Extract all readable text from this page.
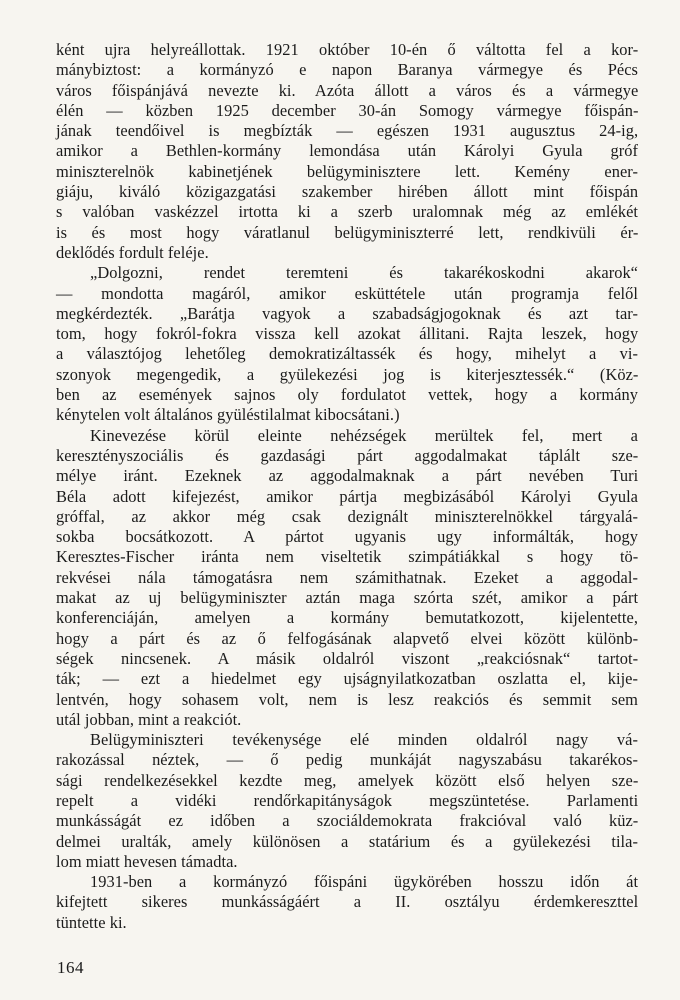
ként ujra helyreállottak. 1921 október 10-én ő váltotta fel a kor-
mánybiztost: a kormányzó e napon Baranya vármegye és Pécs
város főispánjává nevezte ki. Azóta állott a város és a vármegye
élén — közben 1925 december 30-án Somogy vármegye főispán-
jának teendőivel is megbízták — egészen 1931 augusztus 24-ig,
amikor a Bethlen-kormány lemondása után Károlyi Gyula gróf
miniszterelnök kabinetjének belügyminisztere lett. Kemény ener-
giáju, kiváló közigazgatási szakember hirében állott mint főispán
s valóban vaskézzel irtotta ki a szerb uralomnak még az emlékét
is és most hogy váratlanul belügyminiszterré lett, rendkivüli ér-
deklődés fordult feléje.

„Dolgozni, rendet teremteni és takarékoskodni akarok“
— mondotta magáról, amikor esküttétele után programja felől
megkérdezték. „Barátja vagyok a szabadságjogoknak és azt tar-
tom, hogy fokról-fokra vissza kell azokat állitani. Rajta leszek, hogy
a választójog lehetőleg demokratizáltassék és hogy, mihelyt a vi-
szonyok megengedik, a gyülekezési jog is kiterjesztessék.“ (Köz-
ben az események sajnos oly fordulatot vettek, hogy a kormány
kénytelen volt általános gyüléstilalmat kibocsátani.)

Kinevezése körül eleinte nehézségek merültek fel, mert a
keresztényszociális és gazdasági párt aggodalmakat táplált sze-
mélye iránt. Ezeknek az aggodalmaknak a párt nevében Turi
Béla adott kifejezést, amikor pártja megbizásából Károlyi Gyula
gróffal, az akkor még csak dezignált miniszterelnökkel tárgyalá-
sokba bocsátkozott. A pártot ugyanis ugy informálták, hogy
Keresztes-Fischer iránta nem viseltetik szimpátiákkal s hogy tö-
rekvései nála támogatásra nem számithatnak. Ezeket a aggodal-
makat az uj belügyminiszter aztán maga szórta szét, amikor a párt
konferenciáján, amelyen a kormány bemutatkozott, kijelentette,
hogy a párt és az ő felfogásának alapvető elvei között különb-
ségek nincsenek. A másik oldalról viszont „reakciósnak“ tartot-
ták; — ezt a hiedelmet egy ujságnyilatkozatban oszlatta el, kije-
lentvén, hogy sohasem volt, nem is lesz reakciós és semmit sem
utál jobban, mint a reakciót.

Belügyminiszteri tevékenysége elé minden oldalról nagy vá-
rakozással néztek, — ő pedig munkáját nagyszabásu takarékos-
sági rendelkezésekkel kezdte meg, amelyek között első helyen sze-
repelt a vidéki rendőrkapitányságok megszüntetése. Parlamenti
munkásságát ez időben a szociáldemokrata frakcióval való küz-
delmei uralták, amely különösen a statárium és a gyülekezési tila-
lom miatt hevesen támadta.

1931-ben a kormányzó főispáni ügykörében hosszu időn át
kifejtett sikeres munkásságáért a II. osztályu érdemkereszttel
tüntette ki.

164
